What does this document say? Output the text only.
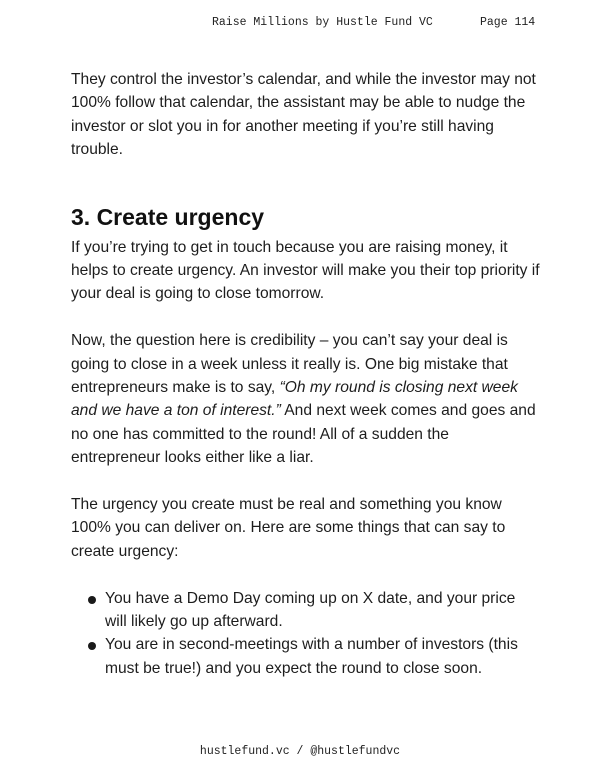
Raise Millions by Hustle Fund VC	Page 114

They control the investor’s calendar, and while the investor may not 100% follow that calendar, the assistant may be able to nudge the investor or slot you in for another meeting if you’re still having trouble.

3. Create urgency

If you’re trying to get in touch because you are raising money, it helps to create urgency. An investor will make you their top priority if your deal is going to close tomorrow.

Now, the question here is credibility – you can’t say your deal is going to close in a week unless it really is. One big mistake that entrepreneurs make is to say, “Oh my round is closing next week and we have a ton of interest.” And next week comes and goes and no one has committed to the round! All of a sudden the entrepreneur looks either like a liar.

The urgency you create must be real and something you know 100% you can deliver on. Here are some things that can say to create urgency:

You have a Demo Day coming up on X date, and your price will likely go up afterward.
You are in second-meetings with a number of investors (this must be true!) and you expect the round to close soon.
hustlefund.vc / @hustlefundvc
